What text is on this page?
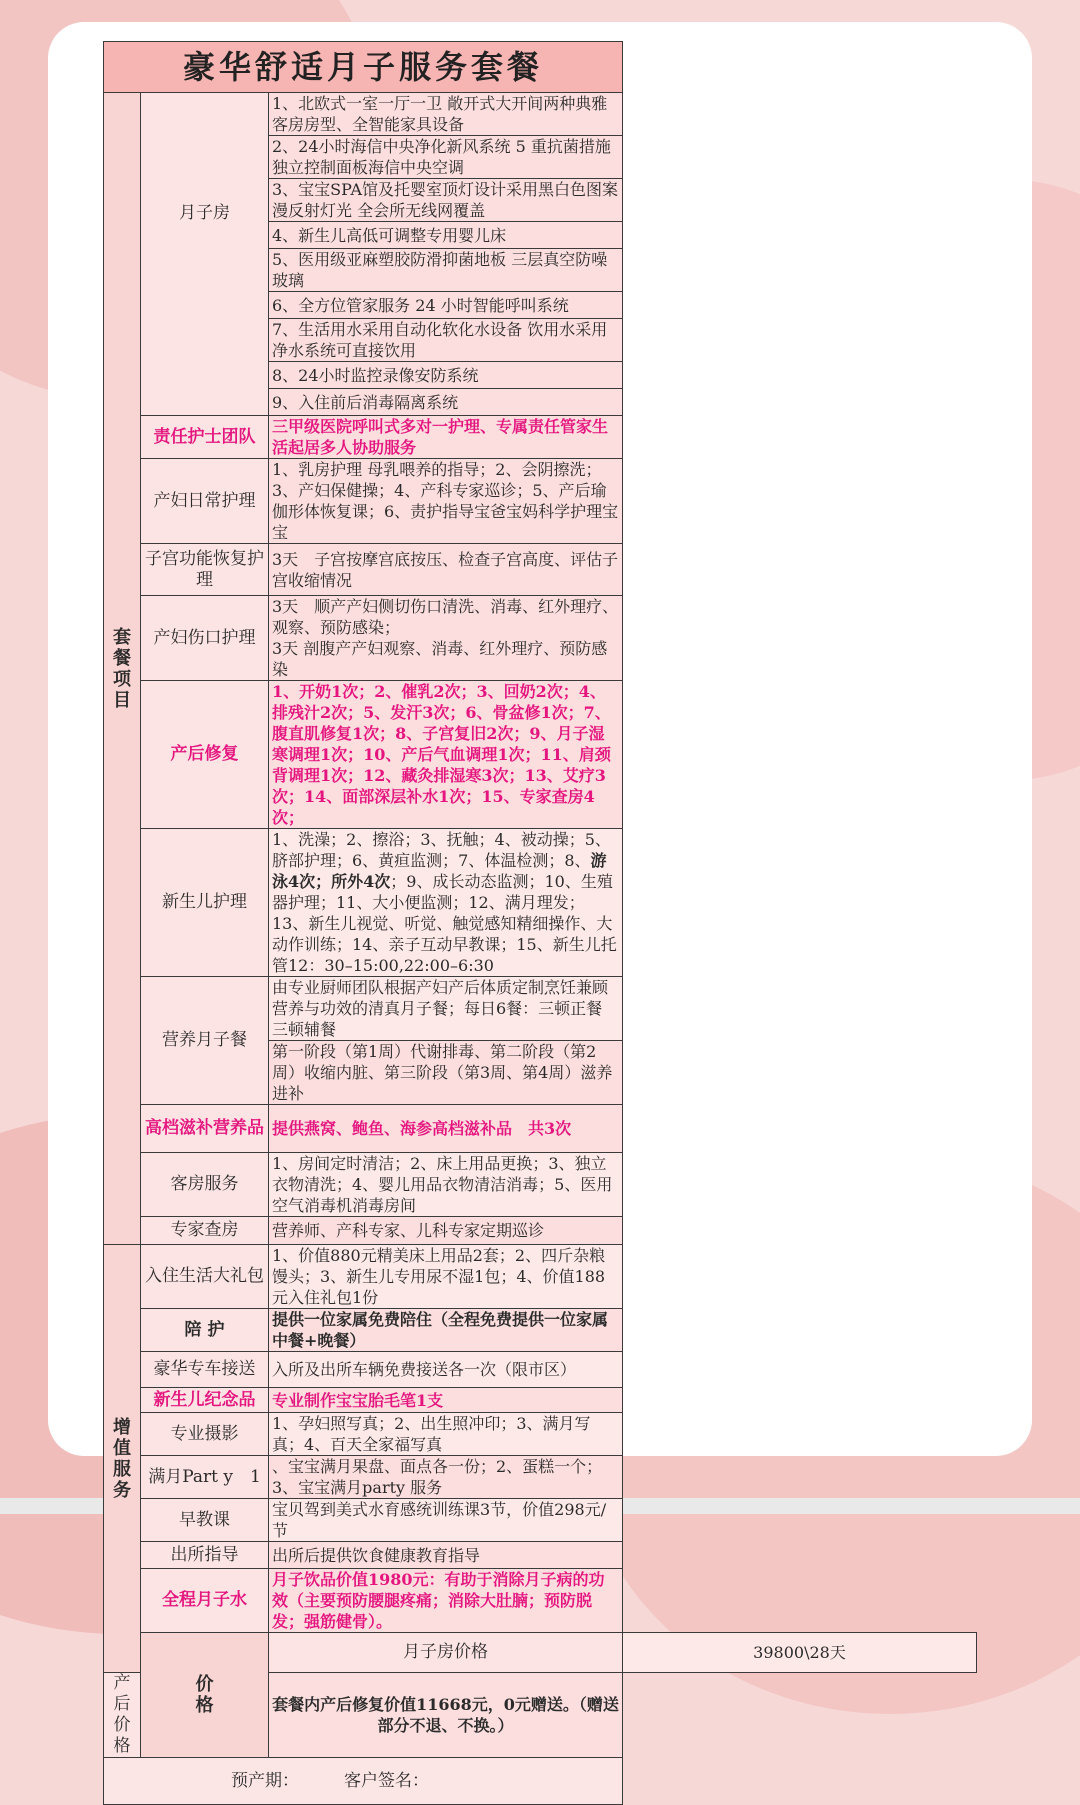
豪华舒适月子服务套餐			
套餐项目	月子房	1、北欧式一室一厅一卫 敞开式大开间两种典雅客房房型、全智能家具设备	
		2、24小时海信中央净化新风系统 5 重抗菌措施独立控制面板海信中央空调	
		3、宝宝SPA馆及托婴室顶灯设计采用黑白色图案漫反射灯光 全会所无线网覆盖	
		4、新生儿高低可调整专用婴儿床	
		5、医用级亚麻塑胶防滑抑菌地板 三层真空防噪玻璃	
		6、全方位管家服务 24 小时智能呼叫系统	
		7、生活用水采用自动化软化水设备 饮用水采用净水系统可直接饮用	
		8、24小时监控录像安防系统	
		9、入住前后消毒隔离系统	
	责任护士团队	三甲级医院呼叫式多对一护理、专属责任管家生活起居多人协助服务	
	产妇日常护理	1、乳房护理 母乳喂养的指导；2、会阴擦洗；3、产妇保健操；4、产科专家巡诊；5、产后瑜伽形体恢复课；6、责护指导宝爸宝妈科学护理宝宝	
	子宫功能恢复护理	3天　子宫按摩宫底按压、检查子宫高度、评估子宫收缩情况	
	产妇伤口护理	3天　顺产产妇侧切伤口清洗、消毒、红外理疗、观察、预防感染；
3天 剖腹产产妇观察、消毒、红外理疗、预防感染	

	产后修复	1、开奶1次；2、催乳2次；3、回奶2次；4、排残汁2次；5、发汗3次；6、骨盆修1次；7、腹直肌修复1次；8、子宫复旧2次；9、月子湿寒调理1次；10、产后气血调理1次；11、肩颈背调理1次；12、藏灸排湿寒3次；13、艾疗3次；14、面部深层补水1次；15、专家查房4次；	
	新生儿护理	1、洗澡；2、擦浴；3、抚触；4、被动操；5、脐部护理；6、黄疸监测；7、体温检测；8、游泳4次；所外4次；9、成长动态监测；10、生殖器护理；11、大小便监测；12、满月理发；13、新生儿视觉、听觉、触觉感知精细操作、大动作训练；14、亲子互动早教课；15、新生儿托管12：30–15:00,22:00–6:30	
	营养月子餐	由专业厨师团队根据产妇产后体质定制烹饪兼顾营养与功效的清真月子餐；每日6餐：三顿正餐 三顿辅餐	
		第一阶段（第1周）代谢排毒、第二阶段（第2周）收缩内脏、第三阶段（第3周、第4周）滋养进补	
	高档滋补营养品	提供燕窝、鲍鱼、海参高档滋补品　共3次	
	客房服务	1、房间定时清洁；2、床上用品更换；3、独立衣物清洗；4、婴儿用品衣物清洁消毒；5、医用空气消毒机消毒房间	
	专家查房	营养师、产科专家、儿科专家定期巡诊	
增值服务	入住生活大礼包	1、价值880元精美床上用品2套；2、四斤杂粮馒头；3、新生儿专用尿不湿1包；4、价值188元入住礼包1份	
	陪 护	提供一位家属免费陪住（全程免费提供一位家属中餐+晚餐）	
	豪华专车接送	入所及出所车辆免费接送各一次（限市区）	
	新生儿纪念品	专业制作宝宝胎毛笔1支	
	专业摄影	1、孕妇照写真；2、出生照冲印；3、满月写真；4、百天全家福写真	
	满月Part y　1	、宝宝满月果盘、面点各一份；2、蛋糕一个；3、宝宝满月party 服务	
	早教课	宝贝驾到美式水育感统训练课3节，价值298元/节	
	出所指导	出所后提供饮食健康教育指导	
	全程月子水	月子饮品价值1980元：有助于消除月子病的功效（主要预防腰腿疼痛；消除大肚腩；预防脱发；强筋健骨）。	
	价格	月子房价格	39800\28天
产后价格		套餐内产后修复价值11668元，0元赠送。（赠送部分不退、不换。）	

预产期： 客户签名：			
